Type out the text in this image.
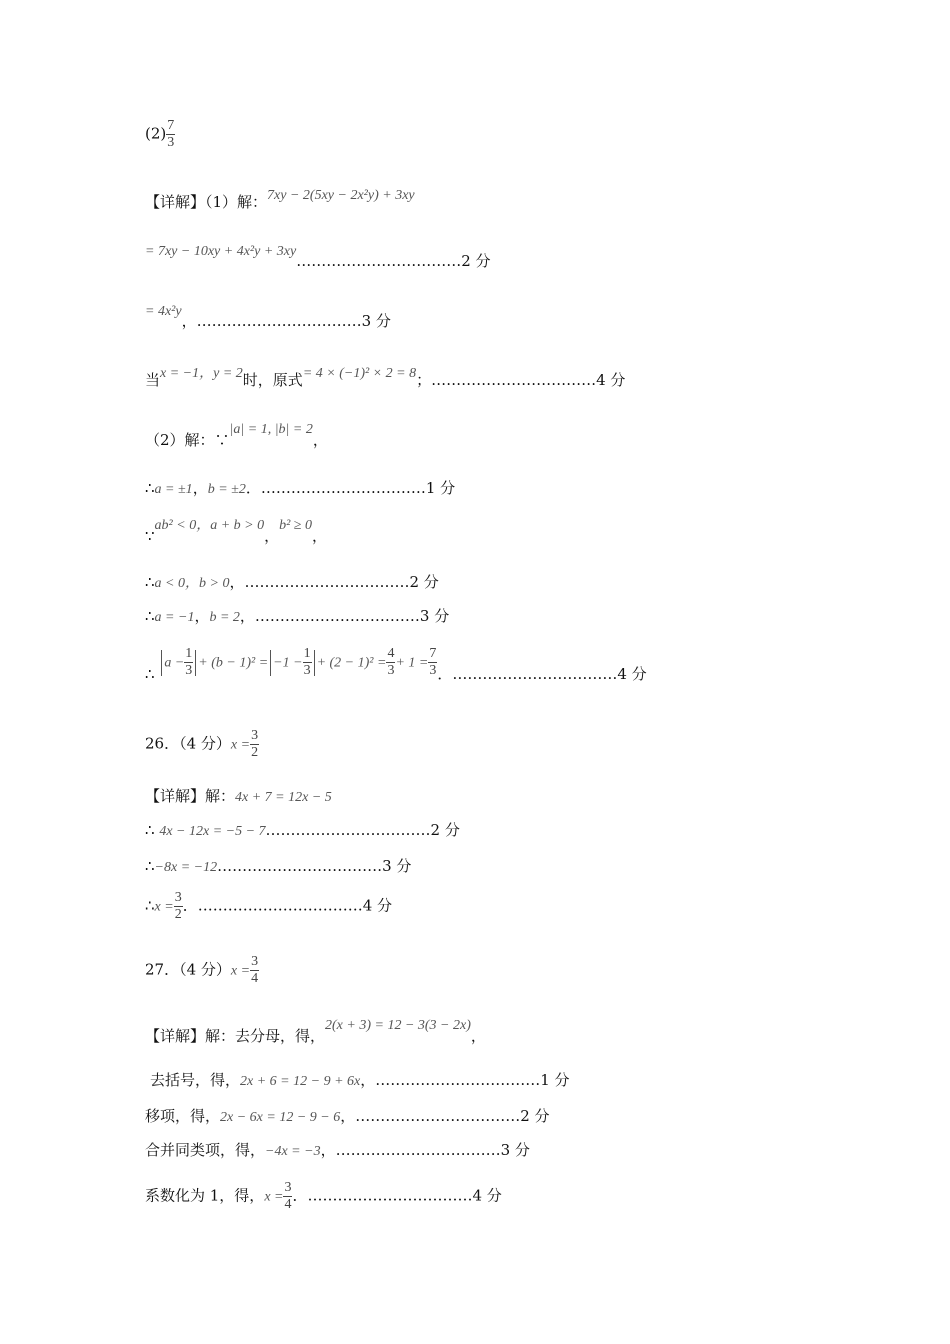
$(2) \frac{7}{3}$
【详解】（1）解：7xy − 2(5xy − 2x²y) + 3xy
= 7xy − 10xy + 4x²y + 3xy……………………………2 分
= 4x²y，……………………………3 分
当x = −1，y = 2时，原式= 4 × (−1)² × 2 = 8；……………………………4 分
（2）解：∵|a| = 1, |b| = 2，
∴a = ±1，b = ±2．……………………………1 分
∵ab² < 0，a + b > 0，b² ≥ 0，
∴a < 0，b > 0，……………………………2 分
∴a = −1，b = 2，……………………………3 分
∴ $a - \frac{1}{3} + (b - 1)^2 = -1 - \frac{1}{3} + (2 - 1)^2 = \frac{4}{3} + 1 = \frac{7}{3}$ ．……………………………4 分
26．（4 分）$x = \frac{3}{2}$
【详解】解：4x + 7 = 12x − 5
∴ 4x − 12x = −5 − 7……………………………2 分
∴−8x = −12……………………………3 分
∴x = $\frac{3}{2}$ ．……………………………4 分
27．（4 分）$x = \frac{3}{4}$
【详解】解：去分母，得，2(x + 3) = 12 − 3(3 − 2x)，
去括号，得，2x + 6 = 12 − 9 + 6x，……………………………1 分
移项，得，2x − 6x = 12 − 9 − 6，……………………………2 分
合并同类项，得，−4x = −3，……………………………3 分
系数化为 1，得，$x = \frac{3}{4}$ ．……………………………4 分
